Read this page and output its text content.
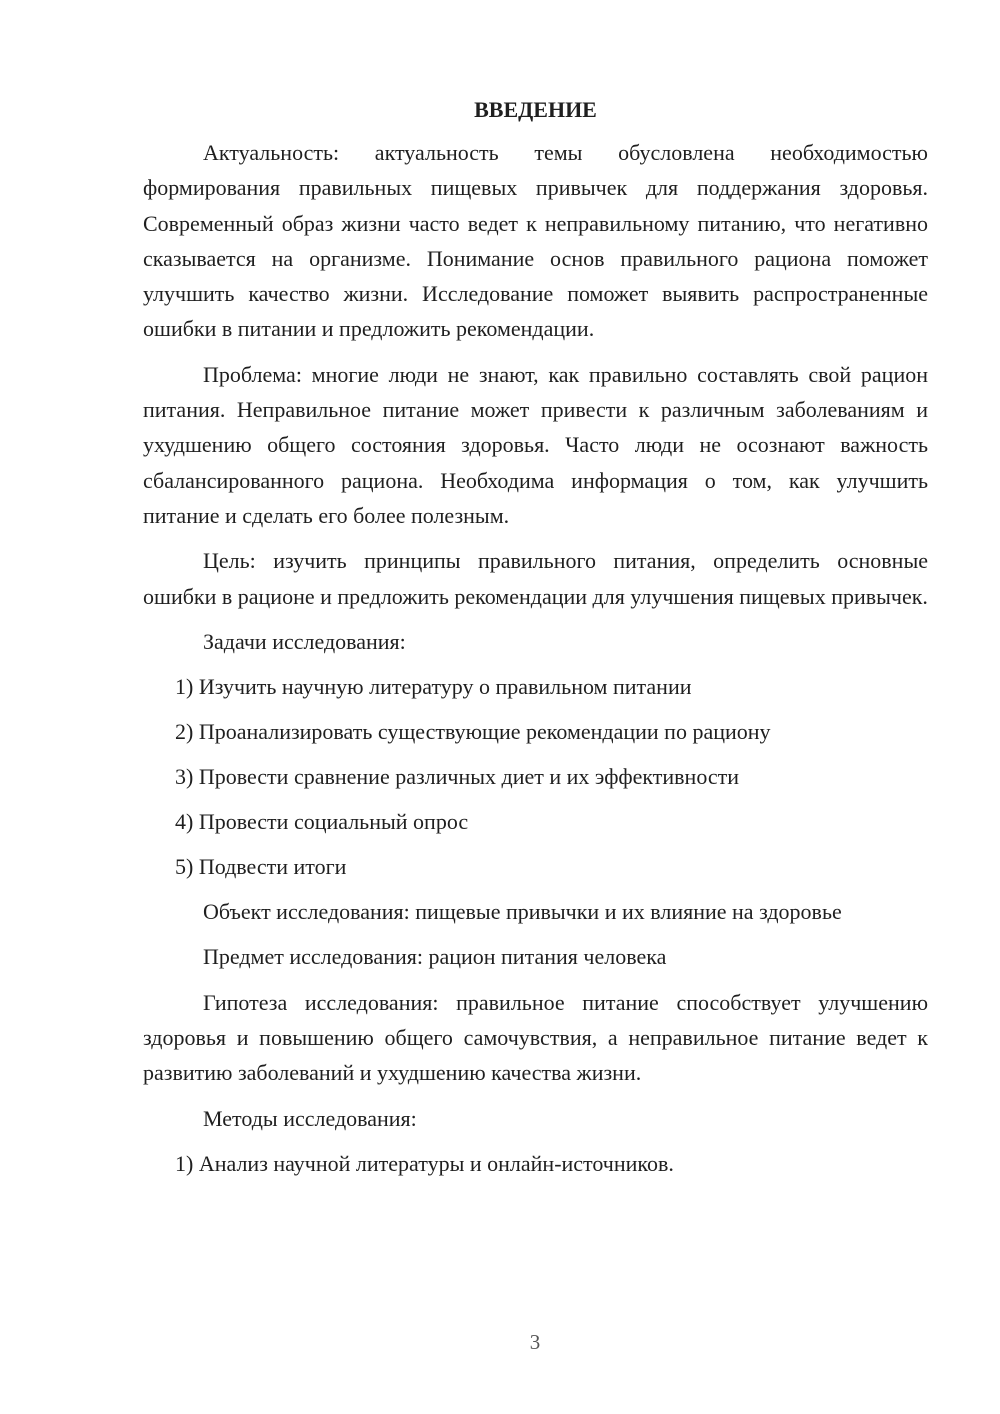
ВВЕДЕНИЕ

Актуальность: актуальность темы обусловлена необходимостью формирования правильных пищевых привычек для поддержания здоровья. Современный образ жизни часто ведет к неправильному питанию, что негативно сказывается на организме. Понимание основ правильного рациона поможет улучшить качество жизни. Исследование поможет выявить распространенные ошибки в питании и предложить рекомендации.

Проблема: многие люди не знают, как правильно составлять свой рацион питания. Неправильное питание может привести к различным заболеваниям и ухудшению общего состояния здоровья. Часто люди не осознают важность сбалансированного рациона. Необходима информация о том, как улучшить питание и сделать его более полезным.

Цель: изучить принципы правильного питания, определить основные ошибки в рационе и предложить рекомендации для улучшения пищевых привычек.

Задачи исследования:
1) Изучить научную литературу о правильном питании
2) Проанализировать существующие рекомендации по рациону
3) Провести сравнение различных диет и их эффективности
4) Провести социальный опрос
5) Подвести итоги
Объект исследования: пищевые привычки и их влияние на здоровье
Предмет исследования: рацион питания человека

Гипотеза исследования: правильное питание способствует улучшению здоровья и повышению общего самочувствия, а неправильное питание ведет к развитию заболеваний и ухудшению качества жизни.

Методы исследования:
1) Анализ научной литературы и онлайн-источников.
3
